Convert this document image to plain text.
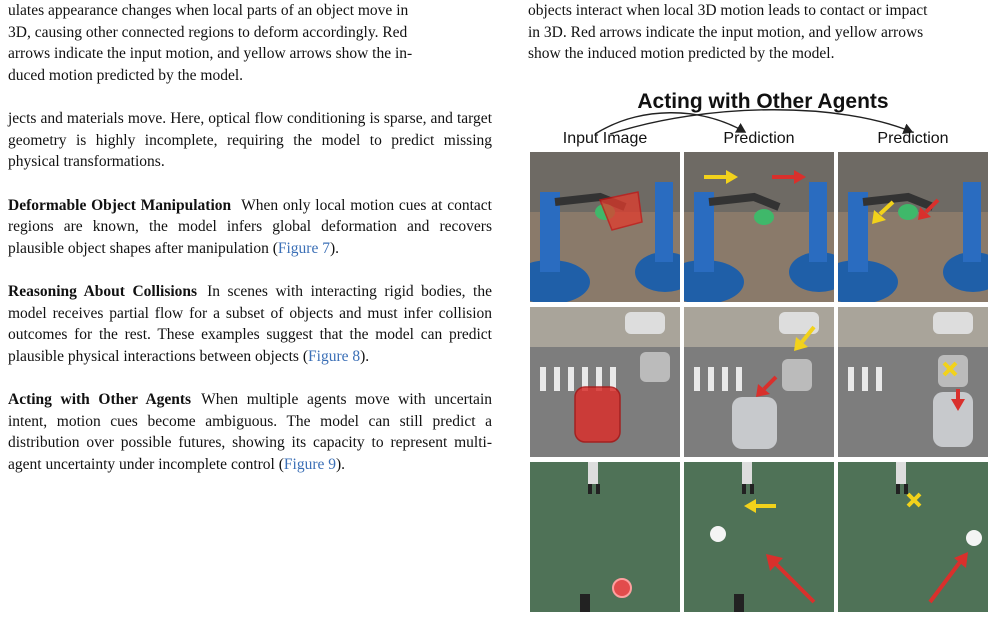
ulates appearance changes when local parts of an object move in
3D, causing other connected regions to deform accordingly. Red
arrows indicate the input motion, and yellow arrows show the in-
duced motion predicted by the model.

jects and materials move. Here, optical flow conditioning is sparse, and target geometry is highly incomplete, requiring the model to predict missing physical transformations.

Deformable Object Manipulation When only local motion cues at contact regions are known, the model infers global deformation and recovers plausible object shapes after manipulation (Figure 7).

Reasoning About Collisions In scenes with interacting rigid bodies, the model receives partial flow for a subset of objects and must infer collision outcomes for the rest. These examples suggest that the model can predict plausible physical interactions between objects (Figure 8).

Acting with Other Agents When multiple agents move with uncertain intent, motion cues become ambiguous. The model can still predict a distribution over possible futures, showing its capacity to represent multi-agent uncertainty under incomplete control (Figure 9).

objects interact when local 3D motion leads to contact or impact
in 3D. Red arrows indicate the input motion, and yellow arrows
show the induced motion predicted by the model.

Acting with Other Agents
Input Image	Prediction	Prediction
